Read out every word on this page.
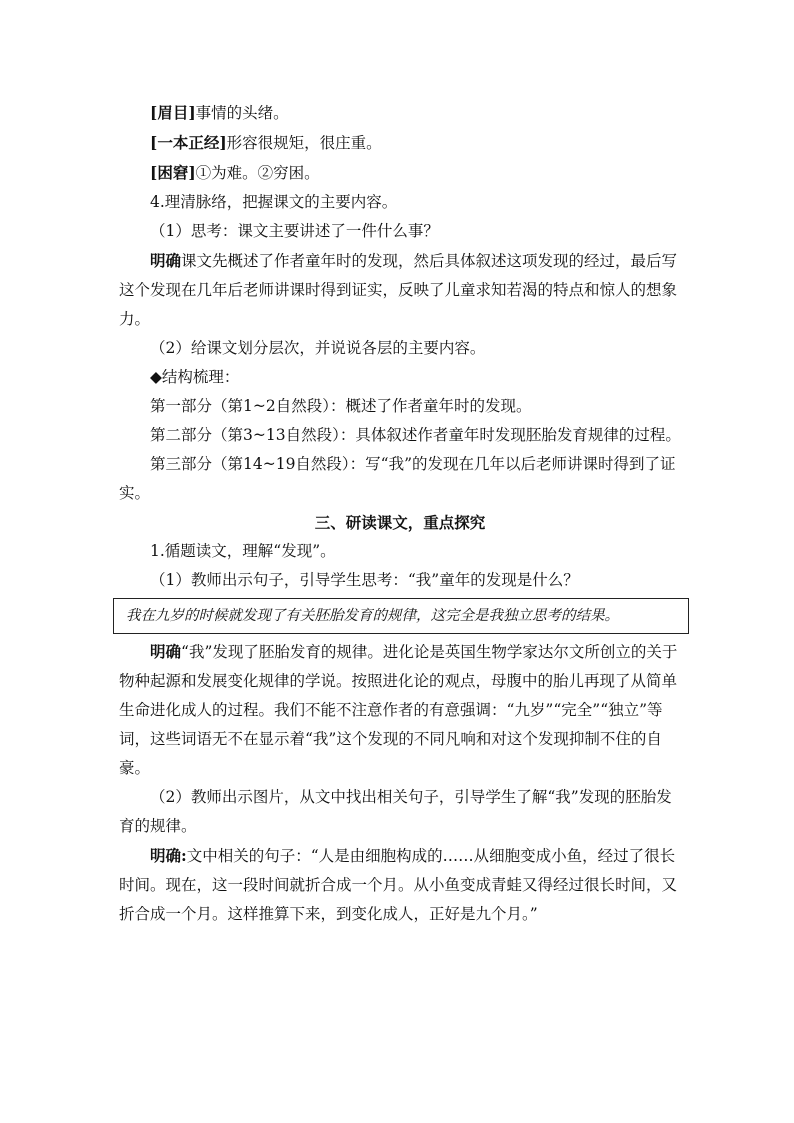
[眉目]事情的头绪。

[一本正经]形容很规矩，很庄重。

[困窘]①为难。②穷困。

4.理清脉络，把握课文的主要内容。

（1）思考：课文主要讲述了一件什么事？

明确课文先概述了作者童年时的发现，然后具体叙述这项发现的经过，最后写这个发现在几年后老师讲课时得到证实，反映了儿童求知若渴的特点和惊人的想象力。

（2）给课文划分层次，并说说各层的主要内容。

◆结构梳理：

第一部分（第1~2自然段）：概述了作者童年时的发现。

第二部分（第3~13自然段）：具体叙述作者童年时发现胚胎发育规律的过程。

第三部分（第14~19自然段）：写“我”的发现在几年以后老师讲课时得到了证实。

三、研读课文，重点探究

1.循题读文，理解“发现”。

（1）教师出示句子，引导学生思考：“我”童年的发现是什么？

我在九岁的时候就发现了有关胚胎发育的规律，这完全是我独立思考的结果。

明确“我”发现了胚胎发育的规律。进化论是英国生物学家达尔文所创立的关于物种起源和发展变化规律的学说。按照进化论的观点，母腹中的胎儿再现了从简单生命进化成人的过程。我们不能不注意作者的有意强调：“九岁”“完全”“独立”等词，这些词语无不在显示着“我”这个发现的不同凡响和对这个发现抑制不住的自豪。

（2）教师出示图片，从文中找出相关句子，引导学生了解“我”发现的胚胎发育的规律。

明确:文中相关的句子：“人是由细胞构成的……从细胞变成小鱼，经过了很长时间。现在，这一段时间就折合成一个月。从小鱼变成青蛙又得经过很长时间，又折合成一个月。这样推算下来，到变化成人，正好是九个月。”
